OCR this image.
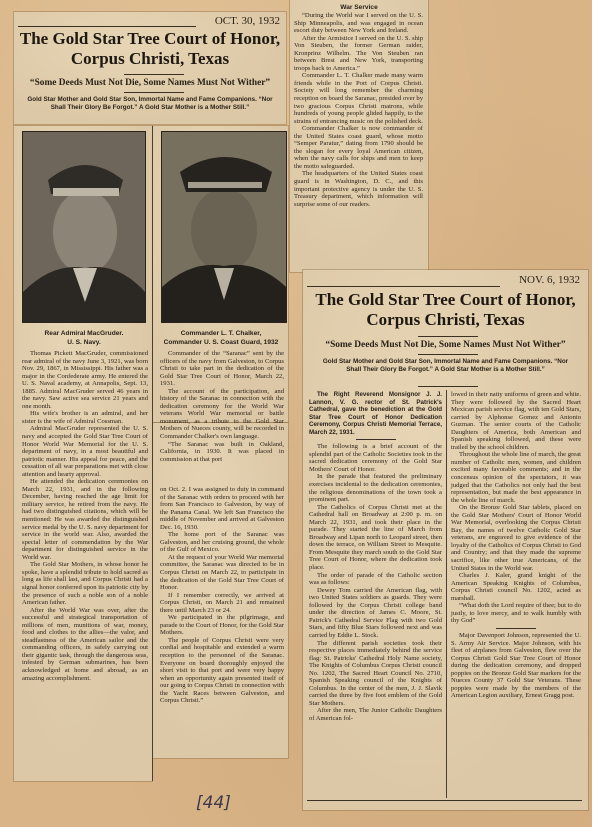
OCT. 30, 1932
The Gold Star Tree Court of Honor,
Corpus Christi, Texas
“Some Deeds Must Not Die, Some Names Must Not Wither”
Gold Star Mother and Gold Star Son, Immortal Name and Fame Companions. “Nor Shall Their Glory Be Forgot.” A Gold Star Mother is a Mother Still.”
Rear Admiral MacGruder.
U. S. Navy.
Commander L. T. Chalker,
Commander U. S. Coast Guard, 1932

Thomas Pickett MacGruder, commissioned rear admiral of the navy June 3, 1921, was born Nov. 29, 1867, in Mississippi. His father was a major in the Confederate army. He entered the U. S. Naval academy, at Annapolis, Sept. 13, 1885. Admiral MacGruder served 46 years in the navy. Saw active sea service 21 years and one month.

His wife's brother is an admiral, and her sister is the wife of Admiral Cossman.

Admiral MacGruder represented the U. S. navy and accepted the Gold Star Tree Court of Honor World War Memorial for the U. S. department of navy, in a most beautiful and patriotic manner. His appeal for peace, and the cessation of all war preparations met with close attention and hearty approval.

He attended the dedication ceremonies on March 22, 1931, and in the following December, having reached the age limit for military service, he retired from the navy. He had two distinguished citations, which will be mentioned: He was awarded the distinguished service medal by the U. S. navy department for service in the world war. Also, awarded the special letter of commendation by the War department for distinguished service in the World war.

The Gold Star Mothers, in whose honor he spoke, have a splendid tribute to hold sacred as long as life shall last, and Corpus Christi had a signal honor conferred upon its patriotic city by the presence of such a noble son of a noble American father.

After the World War was over, after the successful and strategical transportation of millions of men, munitions of war, money, food and clothes to the allies—the valor, and steadfastness of the American sailor and the commanding officers, in safely carrying out their gigantic task, through the dangerous seas, infested by German submarines, has been acknowledged at home and abroad, as an amazing accomplishment.

Commander of the “Saranac” sent by the officers of the navy from Galveston, to Corpus Christi to take part in the dedication of the Gold Star Tree Court of Honor, March 22, 1931.

The account of the participation, and history of the Saranac in connection with the dedication ceremony for the World War veterans World War memorial or battle monument, as a tribute to the Gold Star Mothers of Nueces county, will be recorded in Commander Chalker's own language.

“The Saranac was built in Oakland, California, in 1930. It was placed in commission at that port

on Oct. 2. I was assigned to duty in command of the Saranac with orders to proceed with her from San Francisco to Galveston, by way of the Panama Canal. We left San Francisco the middle of November and arrived at Galveston Dec. 16, 1930.

The home port of the Saranac was Galveston, and her cruising ground, the whole of the Gulf of Mexico.

At the request of your World War memorial committee, the Saranac was directed to be in Corpus Christi on March 22, to participate in the dedication of the Gold Star Tree Court of Honor.

If I remember correctly, we arrived at Corpus Christi, on March 21 and remained there until March 23 or 24.

We participated in the pilgrimage, and parade to the Court of Honor, for the Gold Star Mothers.

The people of Corpus Christi were very cordial and hospitable and extended a warm reception to the personnel of the Saranac. Everyone on board thoroughly enjoyed the short visit to that port and were very happy when an opportunity again presented itself of our going to Corpus Christi in connection with the Yacht Races between Galveston, and Corpus Christi.”

War Service

“During the World war I served on the U. S. Ship Minneapolis, and was engaged in ocean escort duty between New York and Ireland.

After the Armistice I served on the U. S. ship Von Steuben, the former German raider, Kronprinz Wilhelm. The Von Steuben ran between Brest and New York, transporting troops back to America.”

Commander L. T. Chalker made many warm friends while in the Port of Corpus Christi. Society will long remember the charming reception on board the Saranac, presided over by two gracious Corpus Christi matrons, while hundreds of young people glided happily, to the strains of entrancing music on the polished deck.

Commander Chalker is now commander of the United States coast guard, whose motto “Semper Paratur,” dating from 1790 should be the slogan for every loyal American citizen, when the navy calls for ships and men to keep the motto safeguarded.

The headquarters of the United States coast guard is in Washington, D. C., and this important protective agency is under the U. S. Treasury department, which information will surprise some of our readers.

NOV. 6, 1932
The Gold Star Tree Court of Honor,
Corpus Christi, Texas
“Some Deeds Must Not Die, Some Names Must Not Wither”
Gold Star Mother and Gold Star Son, Immortal Name and Fame Companions. “Nor Shall Their Glory Be Forgot.” A Gold Star Mother is a Mother Still.”
The Right Reverend Monsignor J. J. Lannon, V. G. rector of St. Patrick's Cathedral, gave the benediction at the Gold Star Tree Court of Honor Dedication Ceremony, Corpus Christi Memorial Terrace, March 22, 1931.

The following is a brief account of the splendid part of the Catholic Societies took in the sacred dedication ceremony of the Gold Star Mothers' Court of Honor.

In the parade that featured the preliminary exercises incidental to the dedication ceremonies, the religious denominations of the town took a prominent part.

The Catholics of Corpus Christi met at the Cathedral hall on Broadway at 2:00 p. m. on March 22, 1931, and took their place in the parade. They started the line of March from Broadway and Lipan north to Leopard street, then down the terrace, on William Street to Mesquite. From Mesquite they march south to the Gold Star Tree Court of Honor, where the dedication took place.

The order of parade of the Catholic section was as follows:

Dewey Tom carried the American flag, with two United States soldiers as guards. They were followed by the Corpus Christi college band under the direction of James C. Moore, St. Patrick's Cathedral Service Flag with two Gold Stars, and fifty Blue Stars followed next and was carried by Eddie L. Stock.

The different parish societies took their respective places immediately behind the service flag: St. Patricks' Cathedral Holy Name society, The Knights of Columbus Corpus Christi council No. 1202, The Sacred Heart Council No. 2710, Spanish Speaking council of the Knights of Columbus. In the center of the men, J. J. Slavik carried the three by five foot emblem of the Gold Star Mothers.

After the men, The Junior Catholic Daughters of American fol-

lowed in their natty uniforms of green and white. They were followed by the Sacred Heart Mexican parish service flag, with ten Gold Stars, carried by Alphonse Gomez and Antonio Guzman. The senior courts of the Catholic Daughters of America, both American and Spanish speaking followed, and these were trailed by the school children.

Throughout the whole line of march, the great number of Catholic men, women, and children excited many favorable comments; and in the concensus opinion of the spectators, it was judged that the Catholics not only had the best representation, but made the best appearance in the whole line of march.

On the Bronze Gold Star tablets, placed on the Gold Star Mothers' Court of Honor World War Memorial, overlooking the Corpus Christi Bay, the names of twelve Catholic Gold Star veterans, are engraved to give evidence of the loyalty of the Catholics of Corpus Christi to God and Country; and that they made the supreme sacrifice, like other true Americans, of the United States in the World war.

Charles J. Kaler, grand knight of the American Speaking Knights of Columbus, Corpus Christi council No. 1202, acted as marshall.

“What doth the Lord require of thee; but to do justly, to love mercy, and to walk humbly with thy God”

Major Davenport Johnson, represented the U. S. Army Air Service. Major Johnson, with his fleet of airplanes from Galveston, flew over the Corpus Christi Gold Star Tree Court of Honor during the dedication ceremony, and dropped poppies on the Bronze Gold Star markers for the Nueces County 37 Gold Star Veterans. These poppies were made by the members of the American Legion auxiliary, Ernest Gragg post.

[44]
